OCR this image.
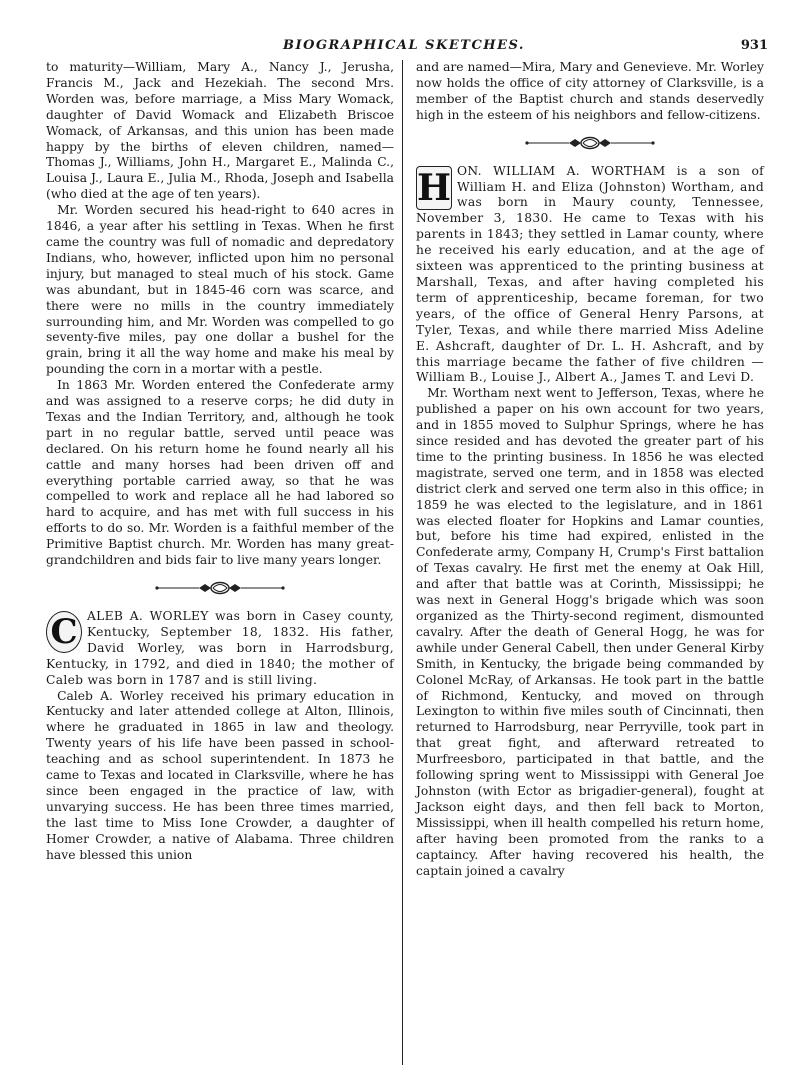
BIOGRAPHICAL SKETCHES.	931

to maturity—William, Mary A., Nancy J., Jerusha, Francis M., Jack and Hezekiah. The second Mrs. Worden was, before marriage, a Miss Mary Womack, daughter of David Womack and Elizabeth Briscoe Womack, of Arkansas, and this union has been made happy by the births of eleven children, named—Thomas J., Williams, John H., Margaret E., Malinda C., Louisa J., Laura E., Julia M., Rhoda, Joseph and Isabella (who died at the age of ten years).

Mr. Worden secured his head-right to 640 acres in 1846, a year after his settling in Texas. When he first came the country was full of nomadic and depredatory Indians, who, however, inflicted upon him no personal injury, but managed to steal much of his stock. Game was abundant, but in 1845-46 corn was scarce, and there were no mills in the country immediately surrounding him, and Mr. Worden was compelled to go seventy-five miles, pay one dollar a bushel for the grain, bring it all the way home and make his meal by pounding the corn in a mortar with a pestle.

In 1863 Mr. Worden entered the Confederate army and was assigned to a reserve corps; he did duty in Texas and the Indian Territory, and, although he took part in no regular battle, served until peace was declared. On his return home he found nearly all his cattle and many horses had been driven off and everything portable carried away, so that he was compelled to work and replace all he had labored so hard to acquire, and has met with full success in his efforts to do so. Mr. Worden is a faithful member of the Primitive Baptist church. Mr. Worden has many great-grandchildren and bids fair to live many years longer.

C ALEB A. WORLEY was born in Casey county, Kentucky, September 18, 1832. His father, David Worley, was born in Harrodsburg, Kentucky, in 1792, and died in 1840; the mother of Caleb was born in 1787 and is still living.

Caleb A. Worley received his primary education in Kentucky and later attended college at Alton, Illinois, where he graduated in 1865 in law and theology. Twenty years of his life have been passed in school-teaching and as school superintendent. In 1873 he came to Texas and located in Clarksville, where he has since been engaged in the practice of law, with unvarying success. He has been three times married, the last time to Miss Ione Crowder, a daughter of Homer Crowder, a native of Alabama. Three children have blessed this union

and are named—Mira, Mary and Genevieve. Mr. Worley now holds the office of city attorney of Clarksville, is a member of the Baptist church and stands deservedly high in the esteem of his neighbors and fellow-citizens.

H ON. WILLIAM A. WORTHAM is a son of William H. and Eliza (Johnston) Wortham, and was born in Maury county, Tennessee, November 3, 1830. He came to Texas with his parents in 1843; they settled in Lamar county, where he received his early education, and at the age of sixteen was apprenticed to the printing business at Marshall, Texas, and after having completed his term of apprenticeship, became foreman, for two years, of the office of General Henry Parsons, at Tyler, Texas, and while there married Miss Adeline E. Ashcraft, daughter of Dr. L. H. Ashcraft, and by this marriage became the father of five children —William B., Louise J., Albert A., James T. and Levi D.

Mr. Wortham next went to Jefferson, Texas, where he published a paper on his own account for two years, and in 1855 moved to Sulphur Springs, where he has since resided and has devoted the greater part of his time to the printing business. In 1856 he was elected magistrate, served one term, and in 1858 was elected district clerk and served one term also in this office; in 1859 he was elected to the legislature, and in 1861 was elected floater for Hopkins and Lamar counties, but, before his time had expired, enlisted in the Confederate army, Company H, Crump's First battalion of Texas cavalry. He first met the enemy at Oak Hill, and after that battle was at Corinth, Mississippi; he was next in General Hogg's brigade which was soon organized as the Thirty-second regiment, dismounted cavalry. After the death of General Hogg, he was for awhile under General Cabell, then under General Kirby Smith, in Kentucky, the brigade being commanded by Colonel McRay, of Arkansas. He took part in the battle of Richmond, Kentucky, and moved on through Lexington to within five miles south of Cincinnati, then returned to Harrodsburg, near Perryville, took part in that great fight, and afterward retreated to Murfreesboro, participated in that battle, and the following spring went to Mississippi with General Joe Johnston (with Ector as brigadier-general), fought at Jackson eight days, and then fell back to Morton, Mississippi, when ill health compelled his return home, after having been promoted from the ranks to a captaincy. After having recovered his health, the captain joined a cavalry
